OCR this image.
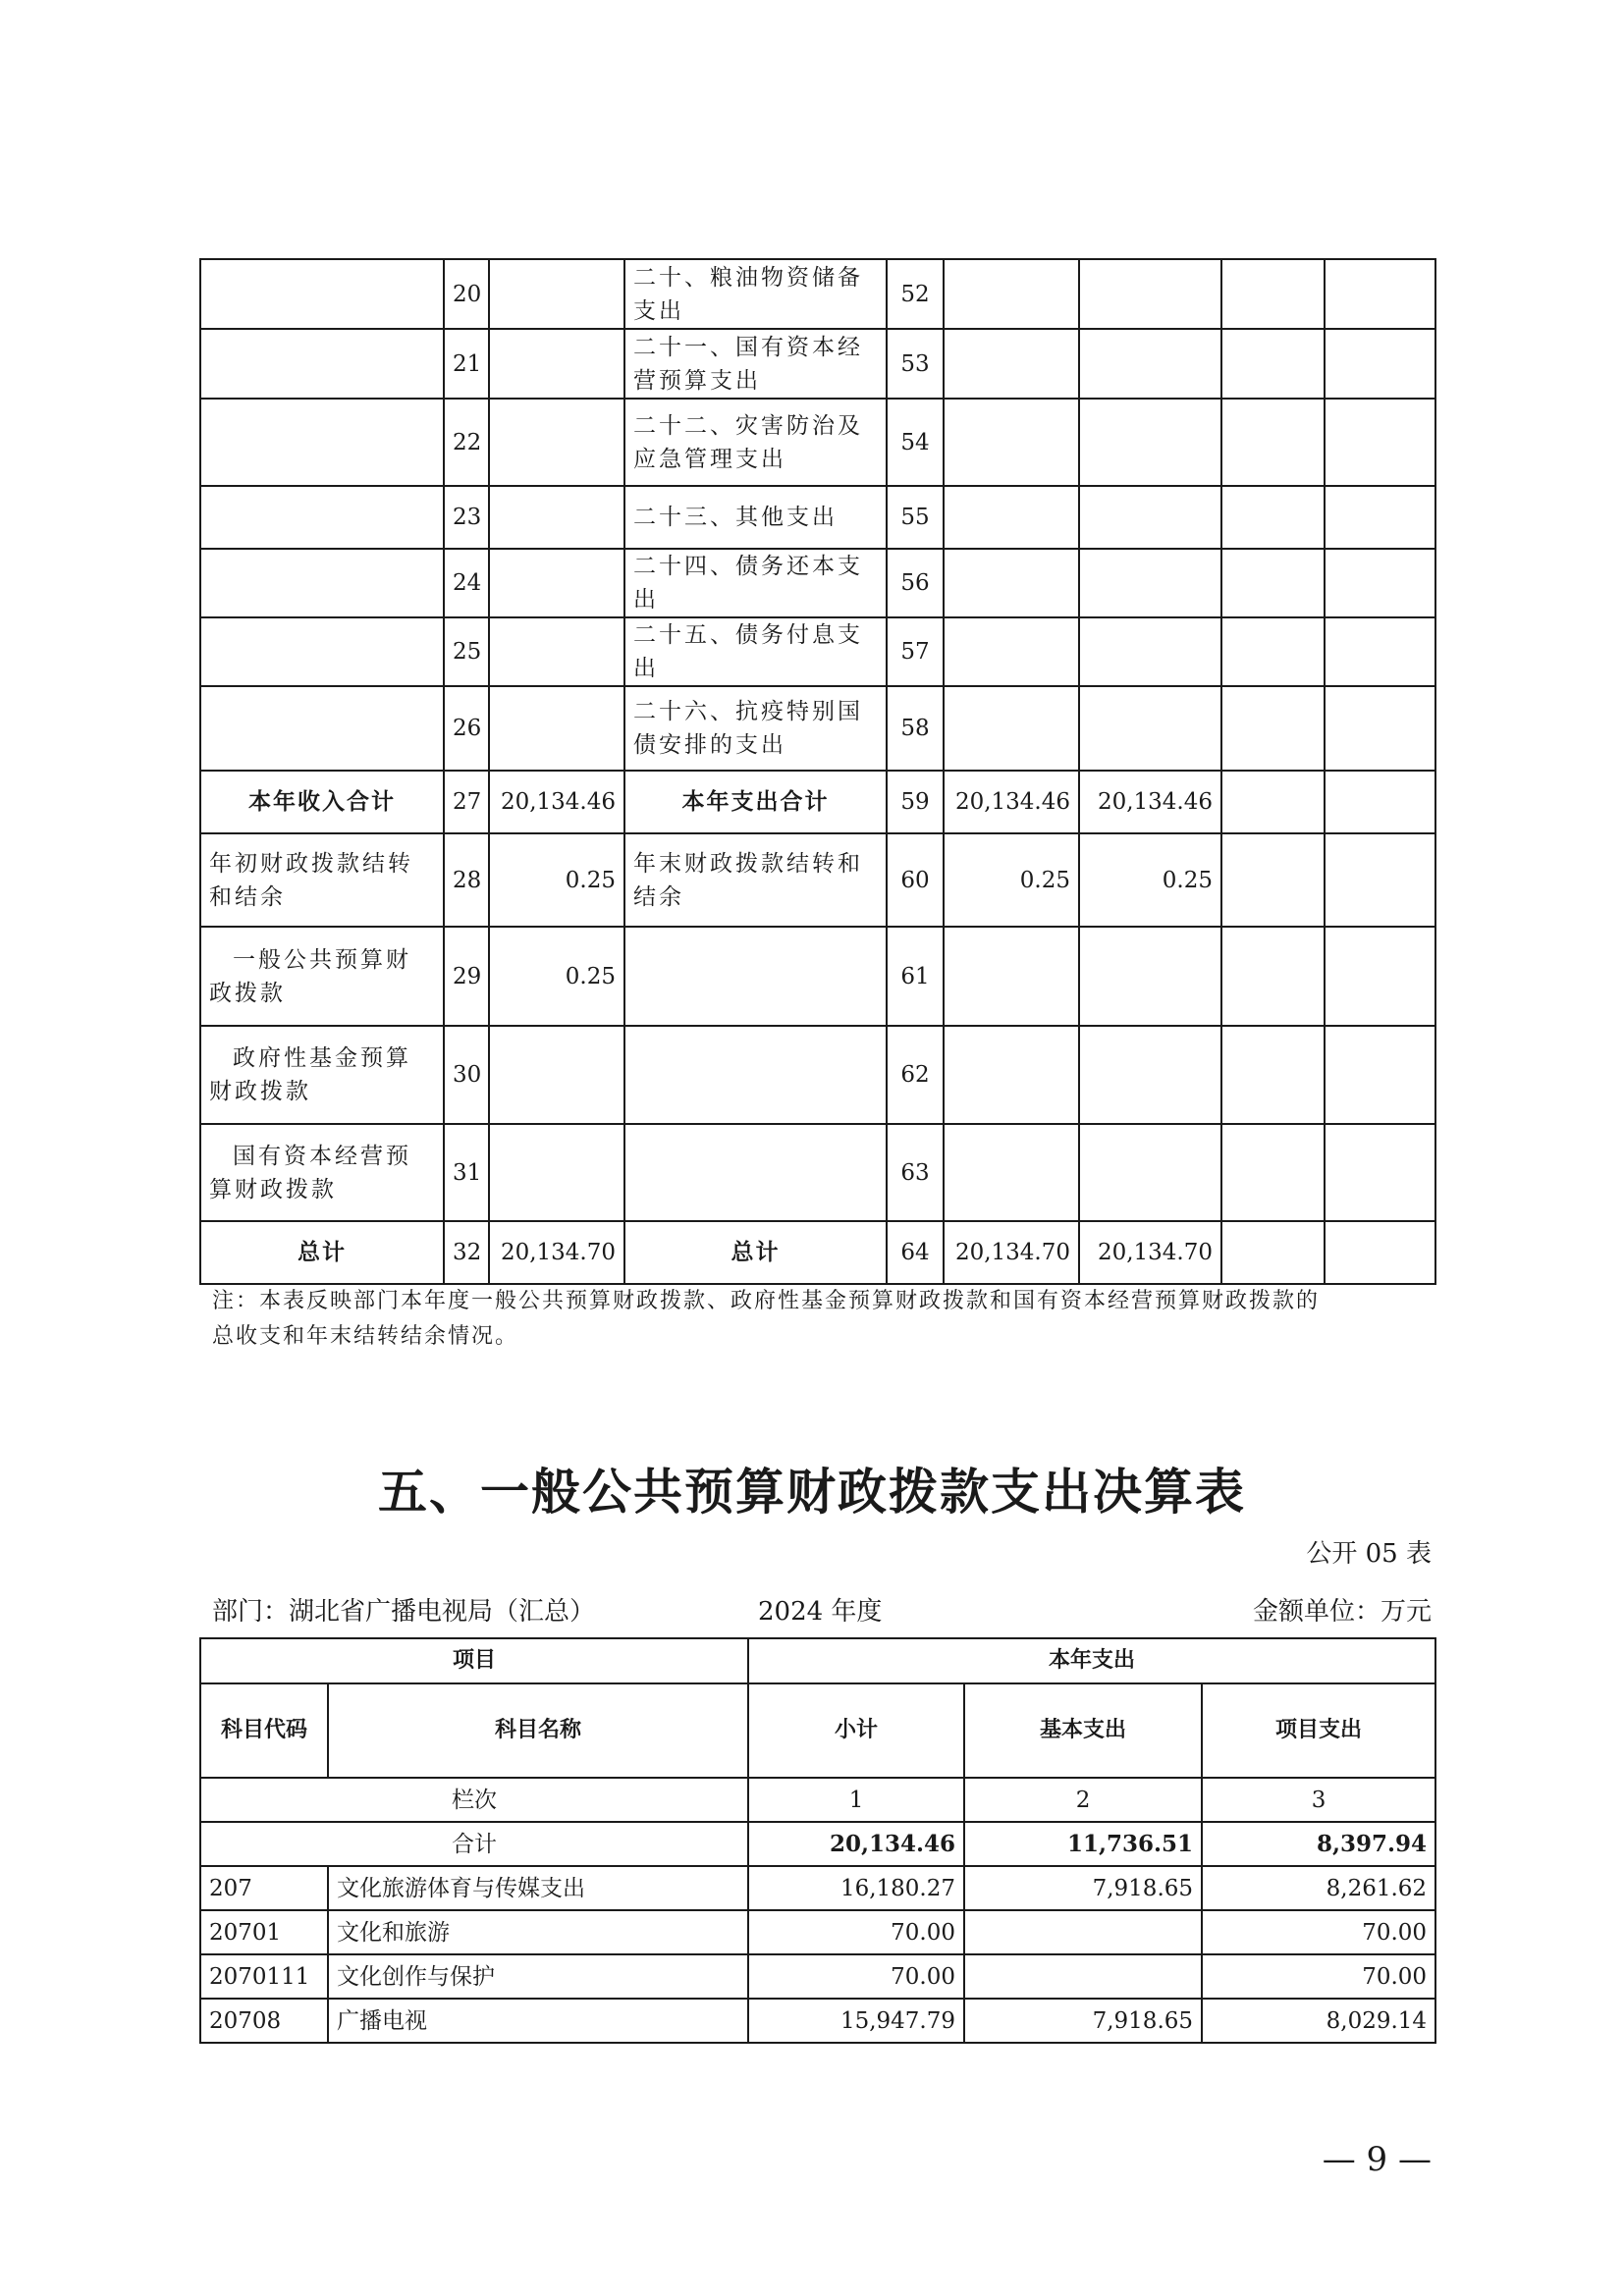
	20		二十、粮油物资储备支出	52				
	21		二十一、国有资本经营预算支出	53				
	22		二十二、灾害防治及应急管理支出	54				
	23		二十三、其他支出	55				
	24		二十四、债务还本支出	56				
	25		二十五、债务付息支出	57				
	26		二十六、抗疫特别国债安排的支出	58				
本年收入合计	27	20,134.46	本年支出合计	59	20,134.46	20,134.46		
年初财政拨款结转和结余	28	0.25	年末财政拨款结转和结余	60	0.25	0.25		
一般公共预算财政拨款	29	0.25		61				
政府性基金预算财政拨款	30			62				
国有资本经营预算财政拨款	31			63				
总计	32	20,134.70	总计	64	20,134.70	20,134.70		
注：本表反映部门本年度一般公共预算财政拨款、政府性基金预算财政拨款和国有资本经营预算财政拨款的总收支和年末结转结余情况。
五、一般公共预算财政拨款支出决算表
公开 05 表
部门：湖北省广播电视局（汇总）	2024 年度	金额单位：万元
项目		本年支出		
科目代码	科目名称	小计	基本支出	项目支出
栏次		1	2	3
合计		20,134.46	11,736.51	8,397.94
207	文化旅游体育与传媒支出	16,180.27	7,918.65	8,261.62
20701	文化和旅游	70.00		70.00
2070111	文化创作与保护	70.00		70.00
20708	广播电视	15,947.79	7,918.65	8,029.14
— 9 —
